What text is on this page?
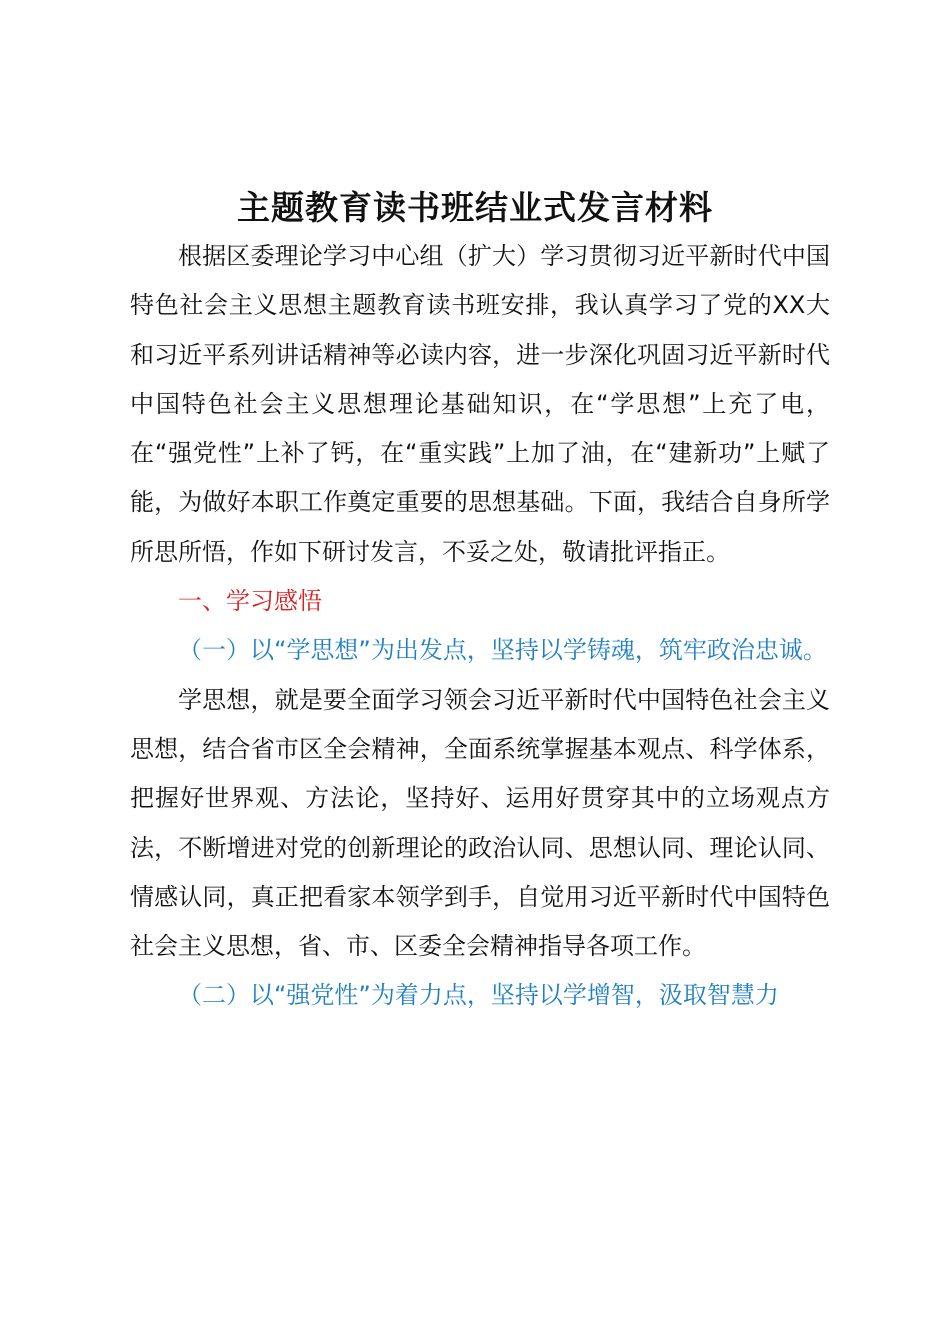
主题教育读书班结业式发言材料

根据区委理论学习中心组（扩大）学习贯彻习近平新时代中国特色社会主义思想主题教育读书班安排，我认真学习了党的XX大和习近平系列讲话精神等必读内容，进一步深化巩固习近平新时代中国特色社会主义思想理论基础知识，在“学思想”上充了电，在“强党性”上补了钙，在“重实践”上加了油，在“建新功”上赋了能，为做好本职工作奠定重要的思想基础。下面，我结合自身所学所思所悟，作如下研讨发言，不妥之处，敬请批评指正。

一、学习感悟

（一）以“学思想”为出发点，坚持以学铸魂，筑牢政治忠诚。

学思想，就是要全面学习领会习近平新时代中国特色社会主义思想，结合省市区全会精神，全面系统掌握基本观点、科学体系，把握好世界观、方法论，坚持好、运用好贯穿其中的立场观点方法，不断增进对党的创新理论的政治认同、思想认同、理论认同、情感认同，真正把看家本领学到手，自觉用习近平新时代中国特色社会主义思想，省、市、区委全会精神指导各项工作。

（二）以“强党性”为着力点，坚持以学增智，汲取智慧力
